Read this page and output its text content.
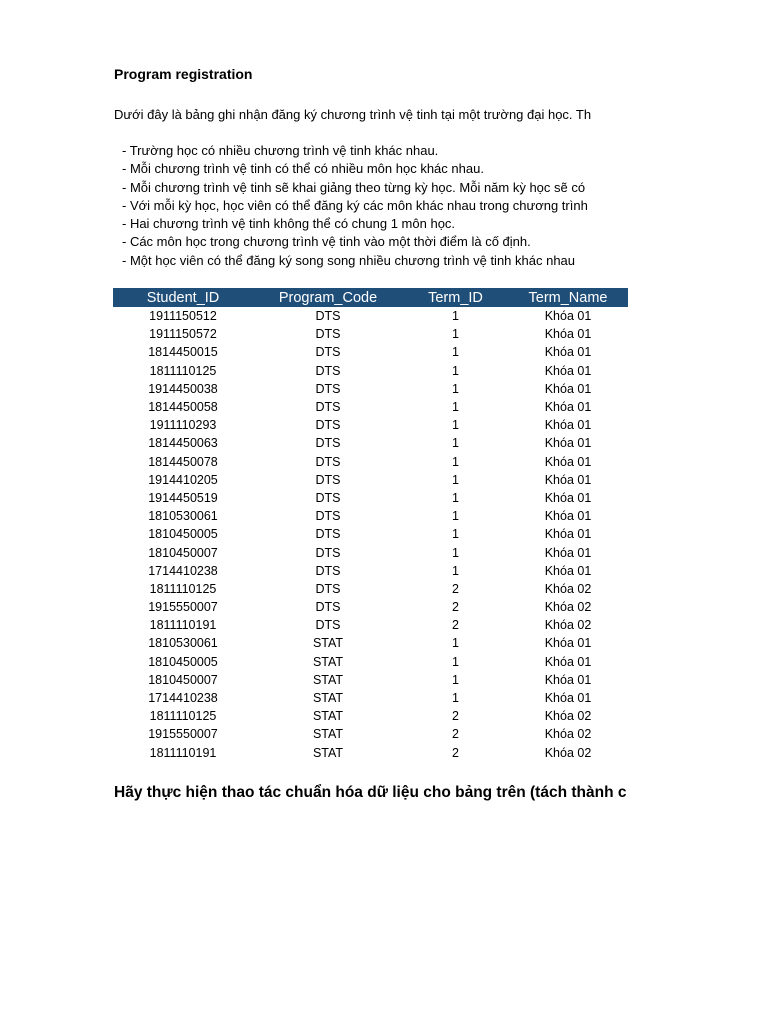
Program registration
Dưới đây là bảng ghi nhận đăng ký chương trình vệ tinh tại một trường đại học. Th
- Trường học có nhiều chương trình vệ tinh khác nhau.
- Mỗi chương trình vệ tinh có thể có nhiều môn học khác nhau.
- Mỗi chương trình vệ tinh sẽ khai giảng theo từng kỳ học. Mỗi năm kỳ học sẽ có
- Với mỗi kỳ học, học viên có thể đăng ký các môn khác nhau trong chương trình
- Hai chương trình vệ tinh không thể có chung 1 môn học.
- Các môn học trong chương trình vệ tinh vào một thời điểm là cố định.
- Một học viên có thể đăng ký song song nhiều chương trình vệ tinh khác nhau
Student_ID	Program_Code	Term_ID	Term_Name
1911150512	DTS	1	Khóa 01
1911150572	DTS	1	Khóa 01
1814450015	DTS	1	Khóa 01
1811110125	DTS	1	Khóa 01
1914450038	DTS	1	Khóa 01
1814450058	DTS	1	Khóa 01
1911110293	DTS	1	Khóa 01
1814450063	DTS	1	Khóa 01
1814450078	DTS	1	Khóa 01
1914410205	DTS	1	Khóa 01
1914450519	DTS	1	Khóa 01
1810530061	DTS	1	Khóa 01
1810450005	DTS	1	Khóa 01
1810450007	DTS	1	Khóa 01
1714410238	DTS	1	Khóa 01
1811110125	DTS	2	Khóa 02
1915550007	DTS	2	Khóa 02
1811110191	DTS	2	Khóa 02
1810530061	STAT	1	Khóa 01
1810450005	STAT	1	Khóa 01
1810450007	STAT	1	Khóa 01
1714410238	STAT	1	Khóa 01
1811110125	STAT	2	Khóa 02
1915550007	STAT	2	Khóa 02
1811110191	STAT	2	Khóa 02
Hãy thực hiện thao tác chuẩn hóa dữ liệu cho bảng trên (tách thành c
